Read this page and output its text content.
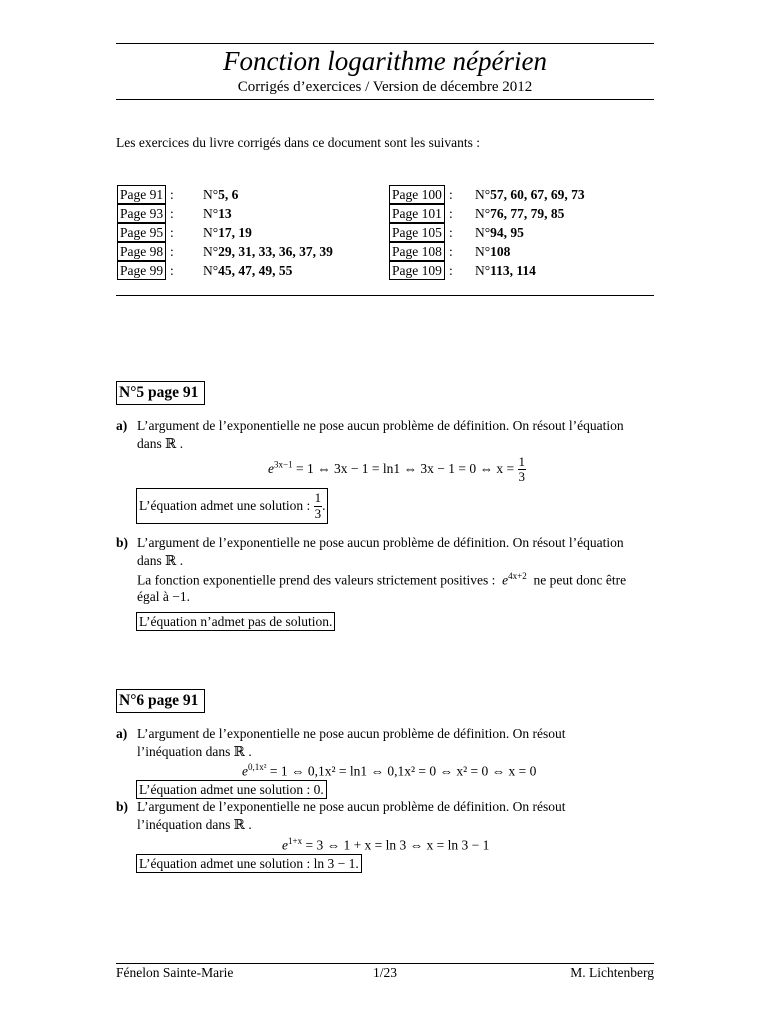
Fonction logarithme népérien
Corrigés d’exercices / Version de décembre 2012
Les exercices du livre corrigés dans ce document sont les suivants :
Page 91 : N°5, 6
Page 93 : N°13
Page 95 : N°17, 19
Page 98 : N°29, 31, 33, 36, 37, 39
Page 99 : N°45, 47, 49, 55
Page 100 : N°57, 60, 67, 69, 73
Page 101 : N°76, 77, 79, 85
Page 105 : N°94, 95
Page 108 : N°108
Page 109 : N°113, 114
N°5 page 91
a) L’argument de l’exponentielle ne pose aucun problème de définition. On résout l’équation
dans ℝ .
$e^{3x-1} = 1$ ⇔ 3x − 1 = ln1 ⇔ 3x − 1 = 0 ⇔ $x = \frac{1}{3}$
L’équation admet une solution :
$\frac{1}{3}$ .
b) L’argument de l’exponentielle ne pose aucun problème de définition. On résout l’équation
dans ℝ .
La fonction exponentielle prend des valeurs strictement positives : $e^{4x+2}$ ne peut donc être
égal à −1.
L’équation n’admet pas de solution.
N°6 page 91
a) L’argument de l’exponentielle ne pose aucun problème de définition. On résout
l’inéquation dans ℝ .
$e^{0,1x^2} = 1$ ⇔ 0,1x² = ln1 ⇔ 0,1x² = 0 ⇔ x² = 0 ⇔ x = 0
L’équation admet une solution : 0.
b) L’argument de l’exponentielle ne pose aucun problème de définition. On résout
l’inéquation dans ℝ .
$e^{1+x} = 3$ ⇔ 1 + x = ln 3 ⇔ x = ln 3 − 1
L’équation admet une solution : ln 3 − 1.
Fénelon Sainte-Marie	1/23	M. Lichtenberg
